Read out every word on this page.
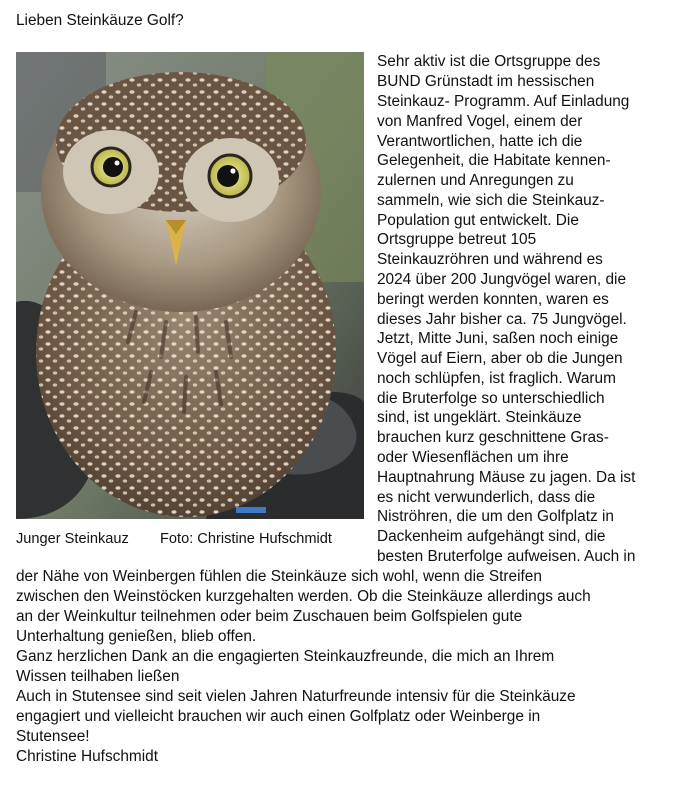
Lieben Steinkäuze Golf?
Junger Steinkauz Foto: Christine Hufschmidt
Sehr aktiv ist die Ortsgruppe des
BUND Grünstadt im hessischen
Steinkauz- Programm. Auf Einladung
von Manfred Vogel, einem der
Verantwortlichen, hatte ich die
Gelegenheit, die Habitate kennen-
zulernen und Anregungen zu
sammeln, wie sich die Steinkauz-
Population gut entwickelt. Die
Ortsgruppe betreut 105
Steinkauzröhren und während es
2024 über 200 Jungvögel waren, die
beringt werden konnten, waren es
dieses Jahr bisher ca. 75 Jungvögel.
Jetzt, Mitte Juni, saßen noch einige
Vögel auf Eiern, aber ob die Jungen
noch schlüpfen, ist fraglich. Warum
die Bruterfolge so unterschiedlich
sind, ist ungeklärt. Steinkäuze
brauchen kurz geschnittene Gras-
oder Wiesenflächen um ihre
Hauptnahrung Mäuse zu jagen. Da ist
es nicht verwunderlich, dass die
Niströhren, die um den Golfplatz in
Dackenheim aufgehängt sind, die
besten Bruterfolge aufweisen. Auch in
der Nähe von Weinbergen fühlen die Steinkäuze sich wohl, wenn die Streifen
zwischen den Weinstöcken kurzgehalten werden. Ob die Steinkäuze allerdings auch
an der Weinkultur teilnehmen oder beim Zuschauen beim Golfspielen gute
Unterhaltung genießen, blieb offen.
Ganz herzlichen Dank an die engagierten Steinkauzfreunde, die mich an Ihrem
Wissen teilhaben ließen
Auch in Stutensee sind seit vielen Jahren Naturfreunde intensiv für die Steinkäuze
engagiert und vielleicht brauchen wir auch einen Golfplatz oder Weinberge in
Stutensee!
Christine Hufschmidt
